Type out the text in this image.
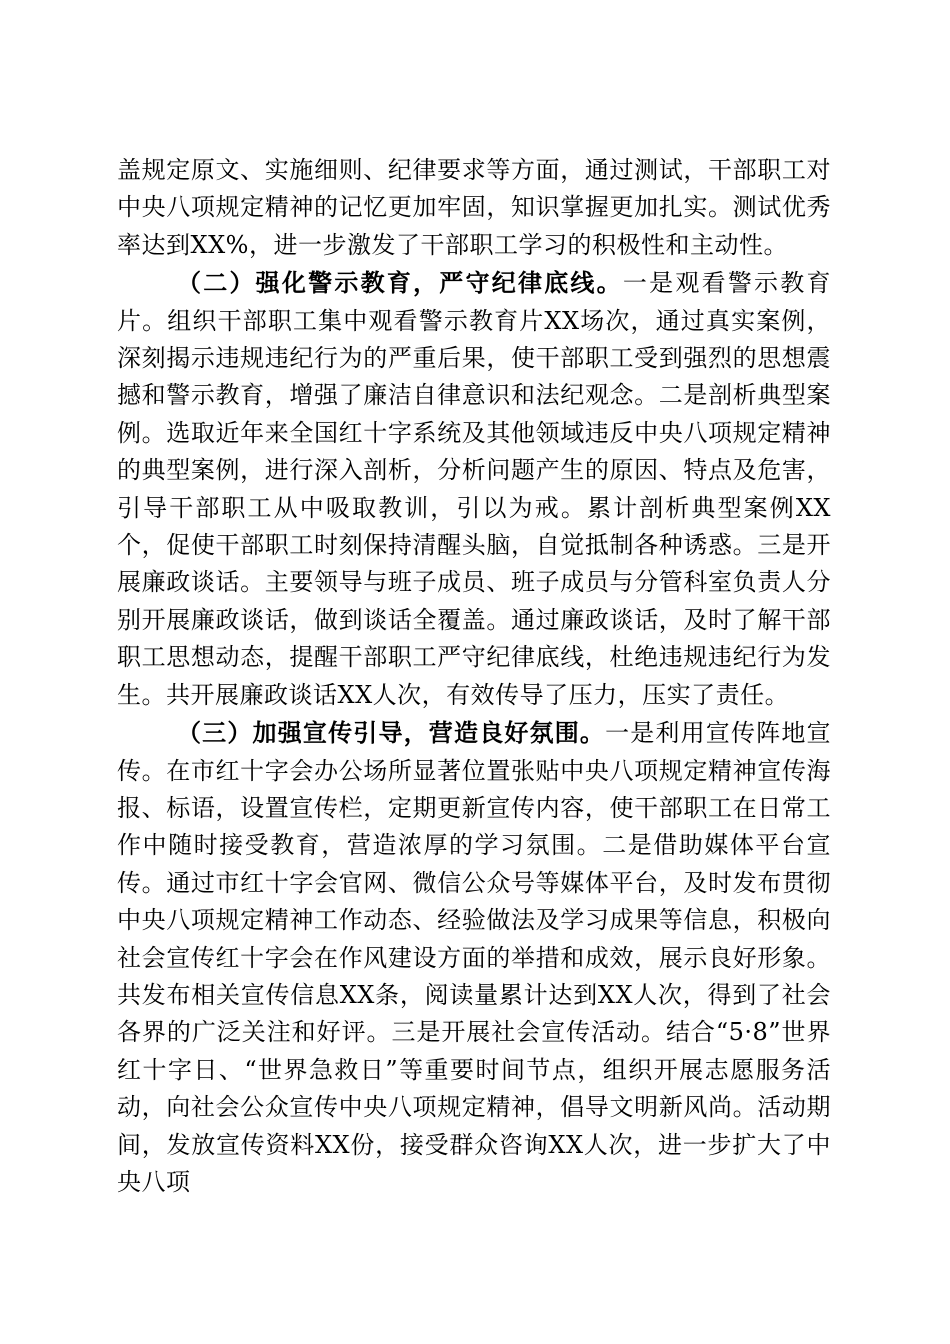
盖规定原文、实施细则、纪律要求等方面，通过测试，干部职工对中央八项规定精神的记忆更加牢固，知识掌握更加扎实。测试优秀率达到XX%，进一步激发了干部职工学习的积极性和主动性。

（二）强化警示教育，严守纪律底线。一是观看警示教育片。组织干部职工集中观看警示教育片XX场次，通过真实案例，深刻揭示违规违纪行为的严重后果，使干部职工受到强烈的思想震撼和警示教育，增强了廉洁自律意识和法纪观念。二是剖析典型案例。选取近年来全国红十字系统及其他领域违反中央八项规定精神的典型案例，进行深入剖析，分析问题产生的原因、特点及危害，引导干部职工从中吸取教训，引以为戒。累计剖析典型案例XX个，促使干部职工时刻保持清醒头脑，自觉抵制各种诱惑。三是开展廉政谈话。主要领导与班子成员、班子成员与分管科室负责人分别开展廉政谈话，做到谈话全覆盖。通过廉政谈话，及时了解干部职工思想动态，提醒干部职工严守纪律底线，杜绝违规违纪行为发生。共开展廉政谈话XX人次，有效传导了压力，压实了责任。

（三）加强宣传引导，营造良好氛围。一是利用宣传阵地宣传。在市红十字会办公场所显著位置张贴中央八项规定精神宣传海报、标语，设置宣传栏，定期更新宣传内容，使干部职工在日常工作中随时接受教育，营造浓厚的学习氛围。二是借助媒体平台宣传。通过市红十字会官网、微信公众号等媒体平台，及时发布贯彻中央八项规定精神工作动态、经验做法及学习成果等信息，积极向社会宣传红十字会在作风建设方面的举措和成效，展示良好形象。共发布相关宣传信息XX条，阅读量累计达到XX人次，得到了社会各界的广泛关注和好评。三是开展社会宣传活动。结合“5·8”世界红十字日、“世界急救日”等重要时间节点，组织开展志愿服务活动，向社会公众宣传中央八项规定精神，倡导文明新风尚。活动期间，发放宣传资料XX份，接受群众咨询XX人次，进一步扩大了中央八项
